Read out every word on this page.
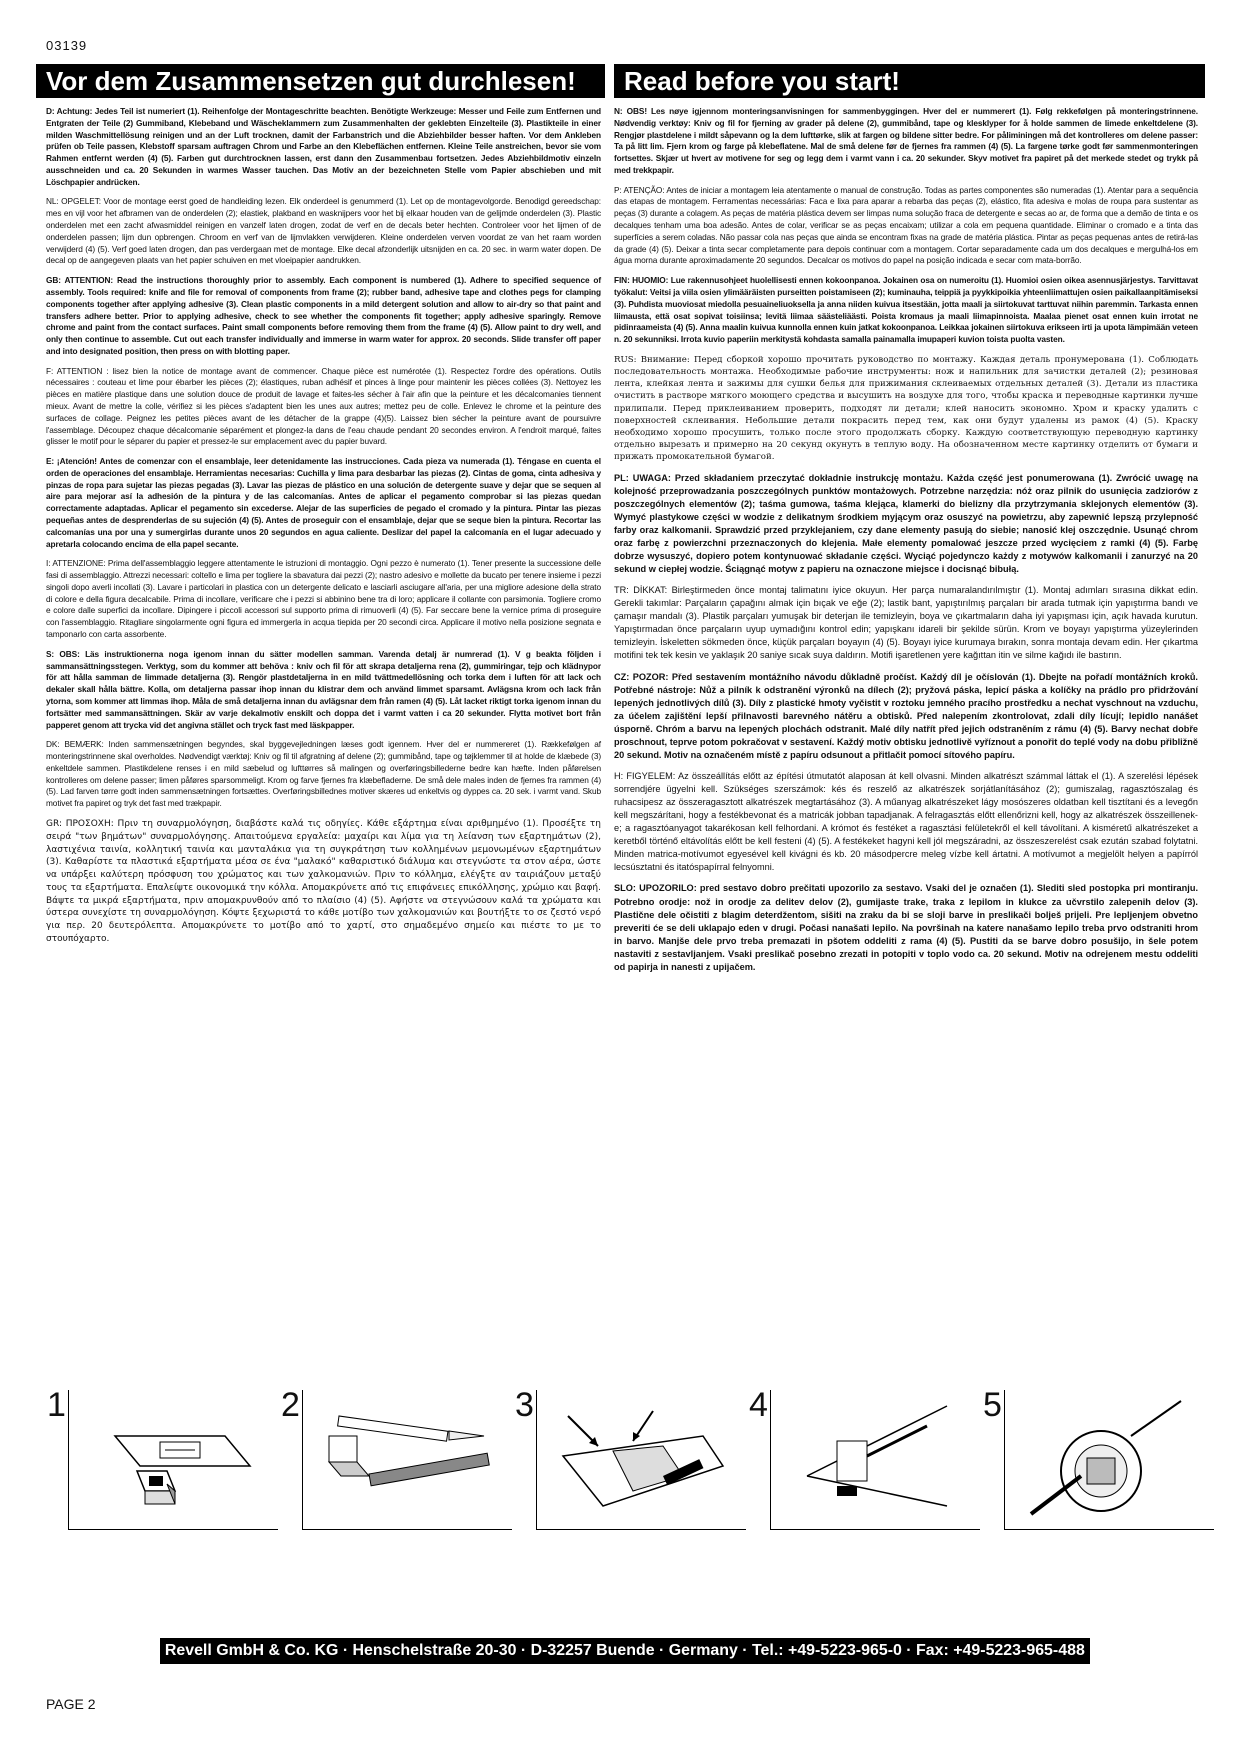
03139
Vor dem Zusammensetzen gut durchlesen!	Read before you start!

D: Achtung: Jedes Teil ist numeriert (1). Reihenfolge der Montageschritte beachten. Benötigte Werkzeuge: Messer und Feile zum Entfernen und Entgraten der Teile (2) Gummiband, Klebeband und Wäscheklammern zum Zusammenhalten der geklebten Einzelteile (3). Plastikteile in einer milden Waschmittellösung reinigen und an der Luft trocknen, damit der Farbanstrich und die Abziehbilder besser haften. Vor dem Ankleben prüfen ob Teile passen, Klebstoff sparsam auftragen Chrom und Farbe an den Klebeflächen entfernen. Kleine Teile anstreichen, bevor sie vom Rahmen entfernt werden (4) (5). Farben gut durchtrocknen lassen, erst dann den Zusammenbau fortsetzen. Jedes Abziehbildmotiv einzeln ausschneiden und ca. 20 Sekunden in warmes Wasser tauchen. Das Motiv an der bezeichneten Stelle vom Papier abschieben und mit Löschpapier andrücken.

NL: OPGELET: Voor de montage eerst goed de handleiding lezen. Elk onderdeel is genummerd (1). Let op de montagevolgorde. Benodigd gereedschap: mes en vijl voor het afbramen van de onderdelen (2); elastiek, plakband en wasknijpers voor het bij elkaar houden van de gelijmde onderdelen (3). Plastic onderdelen met een zacht afwasmiddel reinigen en vanzelf laten drogen, zodat de verf en de decals beter hechten. Controleer voor het lijmen of de onderdelen passen; lijm dun opbrengen. Chroom en verf van de lijmvlakken verwijderen. Kleine onderdelen verven voordat ze van het raam worden verwijderd (4) (5). Verf goed laten drogen, dan pas verdergaan met de montage. Elke decal afzonderlijk uitsnijden en ca. 20 sec. in warm water dopen. De decal op de aangegeven plaats van het papier schuiven en met vloeipapier aandrukken.

GB: ATTENTION: Read the instructions thoroughly prior to assembly. Each component is numbered (1). Adhere to specified sequence of assembly. Tools required: knife and file for removal of components from frame (2); rubber band, adhesive tape and clothes pegs for clamping components together after applying adhesive (3). Clean plastic components in a mild detergent solution and allow to air-dry so that paint and transfers adhere better. Prior to applying adhesive, check to see whether the components fit together; apply adhesive sparingly. Remove chrome and paint from the contact surfaces. Paint small components before removing them from the frame (4) (5). Allow paint to dry well, and only then continue to assemble. Cut out each transfer individually and immerse in warm water for approx. 20 seconds. Slide transfer off paper and into designated position, then press on with blotting paper.

F: ATTENTION : lisez bien la notice de montage avant de commencer. Chaque pièce est numérotée (1). Respectez l'ordre des opérations. Outils nécessaires : couteau et lime pour ébarber les pièces (2); élastiques, ruban adhésif et pinces à linge pour maintenir les pièces collées (3). Nettoyez les pièces en matière plastique dans une solution douce de produit de lavage et faites-les sécher à l'air afin que la peinture et les décalcomanies tiennent mieux. Avant de mettre la colle, vérifiez si les pièces s'adaptent bien les unes aux autres; mettez peu de colle. Enlevez le chrome et la peinture des surfaces de collage. Peignez les petites pièces avant de les détacher de la grappe (4)(5). Laissez bien sécher la peinture avant de poursuivre l'assemblage. Découpez chaque décalcomanie séparément et plongez-la dans de l'eau chaude pendant 20 secondes environ. A l'endroit marqué, faites glisser le motif pour le séparer du papier et pressez-le sur emplacement avec du papier buvard.

E: ¡Atención! Antes de comenzar con el ensamblaje, leer detenidamente las instrucciones. Cada pieza va numerada (1). Téngase en cuenta el orden de operaciones del ensamblaje. Herramientas necesarias: Cuchilla y lima para desbarbar las piezas (2). Cintas de goma, cinta adhesiva y pinzas de ropa para sujetar las piezas pegadas (3). Lavar las piezas de plástico en una solución de detergente suave y dejar que se sequen al aire para mejorar así la adhesión de la pintura y de las calcomanías. Antes de aplicar el pegamento comprobar si las piezas quedan correctamente adaptadas. Aplicar el pegamento sin excederse. Alejar de las superficies de pegado el cromado y la pintura. Pintar las piezas pequeñas antes de desprenderlas de su sujeción (4) (5). Antes de proseguir con el ensamblaje, dejar que se seque bien la pintura. Recortar las calcomanías una por una y sumergirlas durante unos 20 segundos en agua caliente. Deslizar del papel la calcomanía en el lugar adecuado y apretarla colocando encima de ella papel secante.

I: ATTENZIONE: Prima dell'assemblaggio leggere attentamente le istruzioni di montaggio. Ogni pezzo è numerato (1). Tener presente la successione delle fasi di assemblaggio. Attrezzi necessari: coltello e lima per togliere la sbavatura dai pezzi (2); nastro adesivo e mollette da bucato per tenere insieme i pezzi singoli dopo averli incollati (3). Lavare i particolari in plastica con un detergente delicato e lasciarli asciugare all'aria, per una migliore adesione della strato di colore e della figura decalcabile. Prima di incollare, verificare che i pezzi si abbinino bene tra di loro; applicare il collante con parsimonia. Togliere cromo e colore dalle superfici da incollare. Dipingere i piccoli accessori sul supporto prima di rimuoverli (4) (5). Far seccare bene la vernice prima di proseguire con l'assemblaggio. Ritagliare singolarmente ogni figura ed immergerla in acqua tiepida per 20 secondi circa. Applicare il motivo nella posizione segnata e tamponarlo con carta assorbente.

S: OBS: Läs instruktionerna noga igenom innan du sätter modellen samman. Varenda detalj är numrerad (1). V g beakta följden i sammansättningsstegen. Verktyg, som du kommer att behöva : kniv och fil för att skrapa detaljerna rena (2), gummiringar, tejp och klädnypor för att hålla samman de limmade detaljerna (3). Rengör plastdetaljerna in en mild tvättmedellösning och torka dem i luften för att lack och dekaler skall hålla bättre. Kolla, om detaljerna passar ihop innan du klistrar dem och använd limmet sparsamt. Avlägsna krom och lack från ytorna, som kommer att limmas ihop. Måla de små detaljerna innan du avlägsnar dem från ramen (4) (5). Låt lacket riktigt torka igenom innan du fortsätter med sammansättningen. Skär av varje dekalmotiv enskilt och doppa det i varmt vatten i ca 20 sekunder. Flytta motivet bort från papperet genom att trycka vid det angivna stället och tryck fast med läskpapper.

DK: BEMÆRK: Inden sammensætningen begyndes, skal byggevejledningen læses godt igennem. Hver del er nummereret (1). Rækkefølgen af monteringstrinnene skal overholdes. Nødvendigt værktøj: Kniv og fil til afgratning af delene (2); gummibånd, tape og tøjklemmer til at holde de klæbede (3) enkeltdele sammen. Plastikdelene renses i en mild sæbelud og lufttørres så malingen og overføringsbillederne bedre kan hæfte. Inden påførelsen kontrolleres om delene passer; limen påføres sparsommeligt. Krom og farve fjernes fra klæbefladerne. De små dele males inden de fjernes fra rammen (4) (5). Lad farven tørre godt inden sammensætningen fortsættes. Overføringsbillednes motiver skæres ud enkeltvis og dyppes ca. 20 sek. i varmt vand. Skub motivet fra papiret og tryk det fast med trækpapir.

GR: ΠΡΟΣΟΧΗ: Πριν τη συναρμολόγηση, διαβάστε καλά τις οδηγίες. Κάθε εξάρτημα είναι αριθμημένο (1). Προσέξτε τη σειρά "των βημάτων" συναρμολόγησης. Απαιτούμενα εργαλεία: μαχαίρι και λίμα για τη λείανση των εξαρτημάτων (2), λαστιχένια ταινία, κολλητική ταινία και μανταλάκια για τη συγκράτηση των κολλημένων μεμονωμένων εξαρτημάτων (3). Καθαρίστε τα πλαστικά εξαρτήματα μέσα σε ένα "μαλακό" καθαριστικό διάλυμα και στεγνώστε τα στον αέρα, ώστε να υπάρξει καλύτερη πρόσφυση του χρώματος και των χαλκομανιών. Πριν το κόλλημα, ελέγξτε αν ταιριάζουν μεταξύ τους τα εξαρτήματα. Επαλείψτε οικονομικά την κόλλα. Απομακρύνετε από τις επιφάνειες επικόλλησης, χρώμιο και βαφή. Βάψτε τα μικρά εξαρτήματα, πριν απομακρυνθούν από το πλαίσιο (4) (5). Αφήστε να στεγνώσουν καλά τα χρώματα και ύστερα συνεχίστε τη συναρμολόγηση. Κόψτε ξεχωριστά το κάθε μοτίβο των χαλκομανιών και βουτήξτε το σε ζεστό νερό για περ. 20 δευτερόλεπτα. Απομακρύνετε το μοτίβο από το χαρτί, στο σημαδεμένο σημείο και πιέστε το με το στουπόχαρτο.

N: OBS! Les nøye igjennom monteringsanvisningen for sammenbyggingen. Hver del er nummerert (1). Følg rekkefølgen på monteringstrinnene. Nødvendig verktøy: Kniv og fil for fjerning av grader på delene (2), gummibånd, tape og klesklyper for å holde sammen de limede enkeltdelene (3). Rengjør plastdelene i mildt såpevann og la dem lufttørke, slik at fargen og bildene sitter bedre. For påliminingen må det kontrolleres om delene passer: Ta på litt lim. Fjern krom og farge på klebeflatene. Mal de små delene før de fjernes fra rammen (4) (5). La fargene tørke godt før sammenmonteringen fortsettes. Skjær ut hvert av motivene for seg og legg dem i varmt vann i ca. 20 sekunder. Skyv motivet fra papiret på det merkede stedet og trykk på med trekkpapir.

P: ATENÇÃO: Antes de iniciar a montagem leia atentamente o manual de construção. Todas as partes componentes são numeradas (1). Atentar para a sequência das etapas de montagem. Ferramentas necessárias: Faca e lixa para aparar a rebarba das peças (2), elástico, fita adesiva e molas de roupa para sustentar as peças (3) durante a colagem. As peças de matéria plástica devem ser limpas numa solução fraca de detergente e secas ao ar, de forma que a demão de tinta e os decalques tenham uma boa adesão. Antes de colar, verificar se as peças encaixam; utilizar a cola em pequena quantidade. Eliminar o cromado e a tinta das superfícies a serem coladas. Não passar cola nas peças que ainda se encontram fixas na grade de matéria plástica. Pintar as peças pequenas antes de retirá-las da grade (4) (5). Deixar a tinta secar completamente para depois continuar com a montagem. Cortar separadamente cada um dos decalques e mergulhá-los em água morna durante aproximadamente 20 segundos. Decalcar os motivos do papel na posição indicada e secar com mata-borrão.

FIN: HUOMIO: Lue rakennusohjeet huolellisesti ennen kokoonpanoa. Jokainen osa on numeroitu (1). Huomioi osien oikea asennusjärjestys. Tarvittavat työkalut: Veitsi ja viila osien ylimääräisten purseitten poistamiseen (2); kuminauha, teippiä ja pyykkipoikia yhteenliimattujen osien paikallaanpitämiseksi (3). Puhdista muoviosat miedolla pesuaineliuoksella ja anna niiden kuivua itsestään, jotta maali ja siirtokuvat tarttuvat niihin paremmin. Tarkasta ennen liimausta, että osat sopivat toisiinsa; levitä liimaa säästeliäästi. Poista kromaus ja maali liimapinnoista. Maalaa pienet osat ennen kuin irrotat ne pidinraameista (4) (5). Anna maalin kuivua kunnolla ennen kuin jatkat kokoonpanoa. Leikkaa jokainen siirtokuva erikseen irti ja upota lämpimään veteen n. 20 sekunniksi. Irrota kuvio paperiin merkitystä kohdasta samalla painamalla imupaperi kuvion toista puolta vasten.

RUS: Внимание: Перед сборкой хорошо прочитать руководство по монтажу. Каждая деталь пронумерована (1). Соблюдать последовательность монтажа. Необходимые рабочие инструменты: нож и напильник для зачистки деталей (2); резиновая лента, клейкая лента и зажимы для сушки белья для прижимания склеиваемых отдельных деталей (3). Детали из пластика очистить в растворе мягкого моющего средства и высушить на воздухе для того, чтобы краска и переводные картинки лучше прилипали. Перед приклеиванием проверить, подходят ли детали; клей наносить экономно. Хром и краску удалить с поверхностей склеивания. Небольшие детали покрасить перед тем, как они будут удалены из рамок (4) (5). Краску необходимо хорошо просушить, только после этого продолжать сборку. Каждую соответствующую переводную картинку отдельно вырезать и примерно на 20 секунд окунуть в теплую воду. На обозначенном месте картинку отделить от бумаги и прижать промокательной бумагой.

PL: UWAGA: Przed składaniem przeczytać dokładnie instrukcję montażu. Każda część jest ponumerowana (1). Zwrócić uwagę na kolejność przeprowadzania poszczególnych punktów montażowych. Potrzebne narzędzia: nóż oraz pilnik do usunięcia zadziorów z poszczególnych elementów (2); taśma gumowa, taśma klejąca, klamerki do bielizny dla przytrzymania sklejonych elementów (3). Wymyć plastykowe części w wodzie z delikatnym środkiem myjącym oraz osuszyć na powietrzu, aby zapewnić lepszą przylepność farby oraz kalkomanii. Sprawdzić przed przyklejaniem, czy dane elementy pasują do siebie; nanosić klej oszczędnie. Usunąć chrom oraz farbę z powierzchni przeznaczonych do klejenia. Małe elementy pomalować jeszcze przed wycięciem z ramki (4) (5). Farbę dobrze wysuszyć, dopiero potem kontynuować składanie części. Wyciąć pojedynczo każdy z motywów kalkomanii i zanurzyć na 20 sekund w ciepłej wodzie. Ściągnąć motyw z papieru na oznaczone miejsce i docisnąć bibułą.

TR: DİKKAT: Birleştirmeden önce montaj talimatını iyice okuyun. Her parça numaralandırılmıştır (1). Montaj adımları sırasına dikkat edin. Gerekli takımlar: Parçaların çapağını almak için bıçak ve eğe (2); lastik bant, yapıştırılmış parçaları bir arada tutmak için yapıştırma bandı ve çamaşır mandalı (3). Plastik parçaları yumuşak bir deterjan ile temizleyin, boya ve çıkartmaların daha iyi yapışması için, açık havada kurutun. Yapıştırmadan önce parçaların uyup uymadığını kontrol edin; yapışkanı idareli bir şekilde sürün. Krom ve boyayı yapıştırma yüzeylerinden temizleyin. İskeletten sökmeden önce, küçük parçaları boyayın (4) (5). Boyayı iyice kurumaya bırakın, sonra montaja devam edin. Her çıkartma motifini tek tek kesin ve yaklaşık 20 saniye sıcak suya daldırın. Motifi işaretlenen yere kağıttan itin ve silme kağıdı ile bastırın.

CZ: POZOR: Před sestavením montážního návodu důkladně pročíst. Každý díl je očíslován (1). Dbejte na pořadí montážních kroků. Potřebné nástroje: Nůž a pilník k odstranění výronků na dílech (2); pryžová páska, lepicí páska a kolíčky na prádlo pro přidržování lepených jednotlivých dílů (3). Díly z plastické hmoty vyčistit v roztoku jemného pracího prostředku a nechat vyschnout na vzduchu, za účelem zajištění lepší přilnavosti barevného nátěru a obtisků. Před nalepením zkontrolovat, zdali díly lícují; lepidlo nanášet úsporně. Chróm a barvu na lepených plochách odstranit. Malé díly natřít před jejich odstraněním z rámu (4) (5). Barvy nechat dobře proschnout, teprve potom pokračovat v sestavení. Každý motiv obtisku jednotlivě vyříznout a ponořit do teplé vody na dobu přibližně 20 sekund. Motiv na označeném místě z papíru odsunout a přitlačit pomocí sítového papíru.

H: FIGYELEM: Az összeállítás előtt az építési útmutatót alaposan át kell olvasni. Minden alkatrészt számmal láttak el (1). A szerelési lépések sorrendjére ügyelni kell. Szükséges szerszámok: kés és reszelő az alkatrészek sorjátlanításához (2); gumiszalag, ragasztószalag és ruhacsipesz az összeragasztott alkatrészek megtartásához (3). A műanyag alkatrészeket lágy mosószeres oldatban kell tisztítani és a levegőn kell megszárítani, hogy a festékbevonat és a matricák jobban tapadjanak. A felragasztás előtt ellenőrizni kell, hogy az alkatrészek összeillenek-e; a ragasztóanyagot takarékosan kell felhordani. A krómot és festéket a ragasztási felületekről el kell távolítani. A kisméretű alkatrészeket a keretből történő eltávolítás előtt be kell festeni (4) (5). A festékeket hagyni kell jól megszáradni, az összeszerelést csak ezután szabad folytatni. Minden matrica-motívumot egyesével kell kivágni és kb. 20 másodpercre meleg vízbe kell ártatni. A motívumot a megjelölt helyen a papírról lecsúsztatni és itatóspapírral felnyomni.

SLO: UPOZORILO: pred sestavo dobro prečitati upozorilo za sestavo. Vsaki del je označen (1). Slediti sled postopka pri montiranju. Potrebno orodje: nož in orodje za delitev delov (2), gumijaste trake, traka z lepilom in klukce za učvrstilo zalepenih delov (3). Plastične dele očistiti z blagim deterdžentom, sišiti na zraku da bi se sloji barve in preslikači bolješ prijeli. Pre lepljenjem obvetno preveriti će se deli uklapajo eden v drugi. Počasi nanašati lepilo. Na površinah na katere nanašamo lepilo treba prvo odstraniti hrom in barvo. Manjše dele prvo treba premazati in pšotem oddeliti z rama (4) (5). Pustiti da se barve dobro posušijo, in šele potem nastaviti z sestavljanjem. Vsaki preslikač posebno zrezati in potopiti v toplo vodo ca. 20 sekund. Motiv na odrejenem mestu oddeliti od papirja in nanesti z upijačem.

1	2	3	4	5
Revell GmbH & Co. KG · Henschelstraße 20-30 · D-32257 Buende · Germany · Tel.: +49-5223-965-0 · Fax: +49-5223-965-488
PAGE 2
